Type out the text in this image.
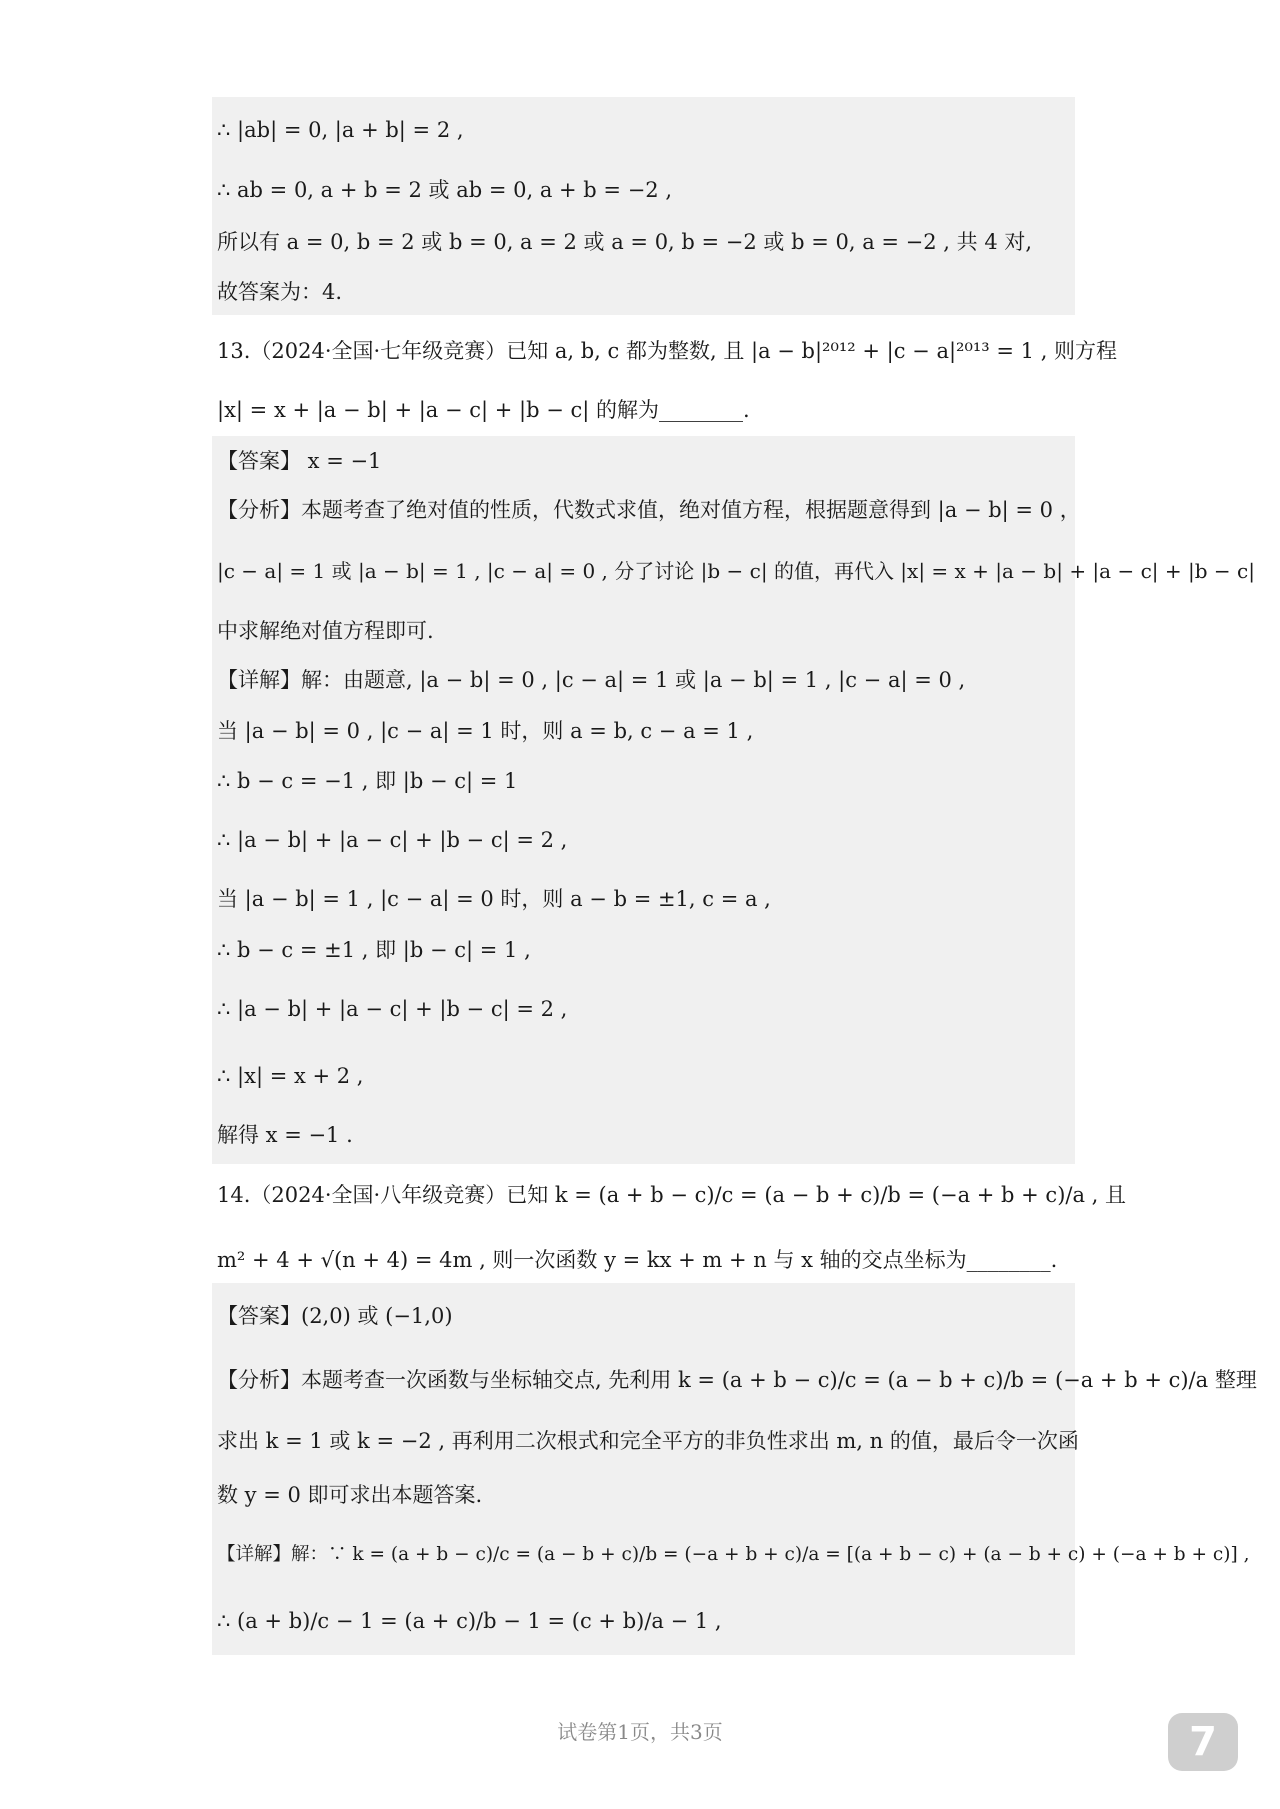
∴ |ab| = 0, |a + b| = 2 ,
∴ ab = 0, a + b = 2 或 ab = 0, a + b = −2 ,
所以有 a = 0, b = 2 或 b = 0, a = 2 或 a = 0, b = −2 或 b = 0, a = −2 , 共 4 对,
故答案为：4.
13.（2024·全国·七年级竞赛）已知 a, b, c 都为整数, 且 |a − b|²⁰¹² + |c − a|²⁰¹³ = 1 , 则方程
|x| = x + |a − b| + |a − c| + |b − c| 的解为________.
【答案】 x = −1
【分析】本题考查了绝对值的性质，代数式求值，绝对值方程，根据题意得到 |a − b| = 0 ，
|c − a| = 1 或 |a − b| = 1 , |c − a| = 0 , 分了讨论 |b − c| 的值，再代入 |x| = x + |a − b| + |a − c| + |b − c|
中求解绝对值方程即可.
【详解】解：由题意, |a − b| = 0 , |c − a| = 1 或 |a − b| = 1 , |c − a| = 0 ,
当 |a − b| = 0 , |c − a| = 1 时，则 a = b, c − a = 1 ,
∴ b − c = −1 , 即 |b − c| = 1
∴ |a − b| + |a − c| + |b − c| = 2 ,
当 |a − b| = 1 , |c − a| = 0 时，则 a − b = ±1, c = a ,
∴ b − c = ±1 , 即 |b − c| = 1 ,
∴ |a − b| + |a − c| + |b − c| = 2 ,
∴ |x| = x + 2 ,
解得 x = −1 .
14.（2024·全国·八年级竞赛）已知 k = (a + b − c)/c = (a − b + c)/b = (−a + b + c)/a , 且
m² + 4 + √(n + 4) = 4m , 则一次函数 y = kx + m + n 与 x 轴的交点坐标为________.
【答案】(2,0) 或 (−1,0)
【分析】本题考查一次函数与坐标轴交点, 先利用 k = (a + b − c)/c = (a − b + c)/b = (−a + b + c)/a 整理
求出 k = 1 或 k = −2 , 再利用二次根式和完全平方的非负性求出 m, n 的值，最后令一次函
数 y = 0 即可求出本题答案.
【详解】解：∵ k = (a + b − c)/c = (a − b + c)/b = (−a + b + c)/a = [(a + b − c) + (a − b + c) + (−a + b + c)] ,
∴ (a + b)/c − 1 = (a + c)/b − 1 = (c + b)/a − 1 ,
试卷第1页，共3页	7
